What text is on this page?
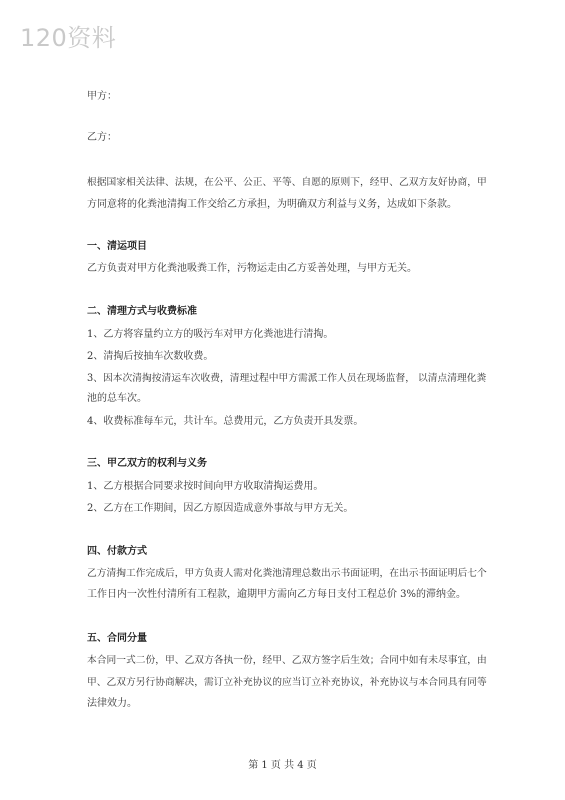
120资料
甲方：
乙方：
根据国家相关法律、法规，在公平、公正、平等、自愿的原则下，经甲、乙双方友好协商，甲
方同意将的化粪池清掏工作交给乙方承担，为明确双方利益与义务，达成如下条款。
一、清运项目
乙方负责对甲方化粪池吸粪工作，污物运走由乙方妥善处理，与甲方无关。
二、清理方式与收费标准
1、乙方将容量约立方的吸污车对甲方化粪池进行清掏。
2、清掏后按抽车次数收费。
3、因本次清掏按清运车次收费，清理过程中甲方需派工作人员在现场监督， 以清点清理化粪
池的总车次。
4、收费标准每车元，共计车。总费用元，乙方负责开具发票。
三、甲乙双方的权利与义务
1、乙方根据合同要求按时间向甲方收取清掏运费用。
2、乙方在工作期间，因乙方原因造成意外事故与甲方无关。
四、付款方式
乙方清掏工作完成后，甲方负责人需对化粪池清理总数出示书面证明，在出示书面证明后七个
工作日内一次性付清所有工程款，逾期甲方需向乙方每日支付工程总价 3%的滞纳金。
五、合同分量
本合同一式二份，甲、乙双方各执一份，经甲、乙双方签字后生效；合同中如有未尽事宜，由
甲、乙双方另行协商解决，需订立补充协议的应当订立补充协议，补充协议与本合同具有同等
法律效力。
第 1 页 共 4 页
